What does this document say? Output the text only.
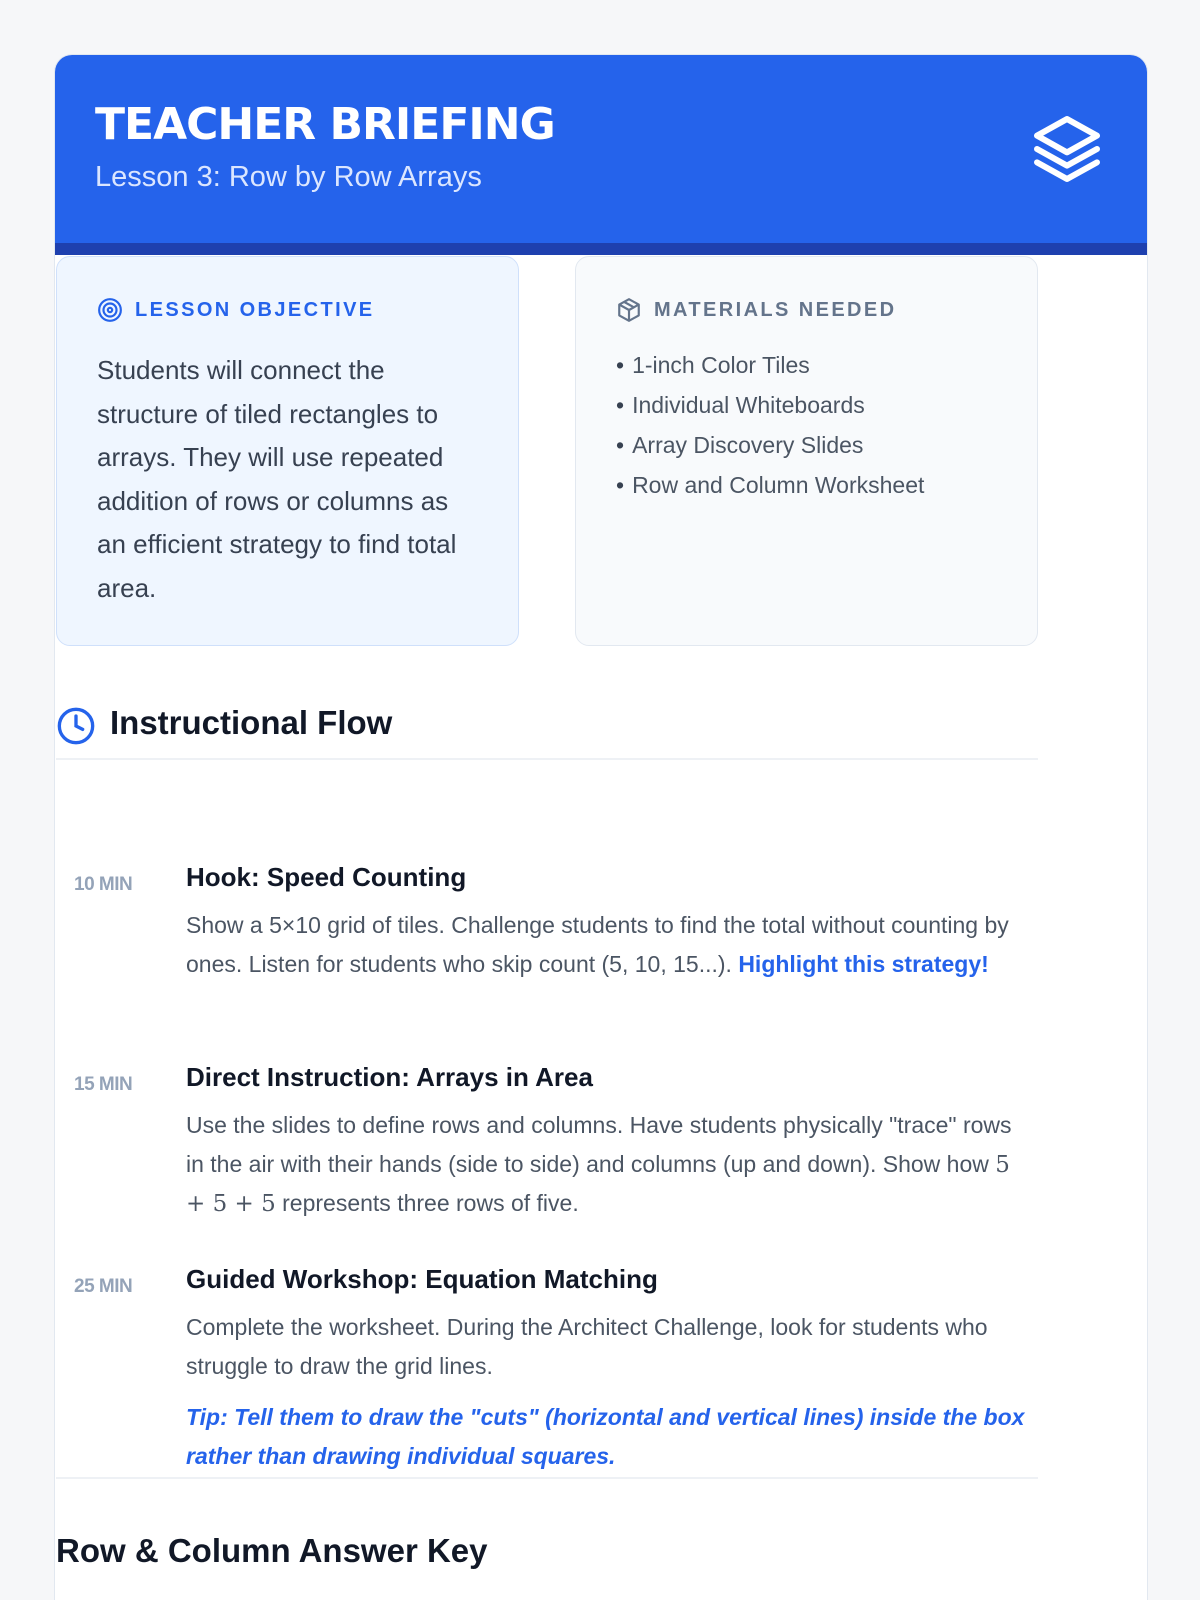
TEACHER BRIEFING
Lesson 3: Row by Row Arrays
LESSON OBJECTIVE
Students will connect the structure of tiled rectangles to arrays. They will use repeated addition of rows or columns as an efficient strategy to find total area.
MATERIALS NEEDED
• 1-inch Color Tiles
• Individual Whiteboards
• Array Discovery Slides
• Row and Column Worksheet
Instructional Flow
10 MIN Hook: Speed Counting
Show a 5×10 grid of tiles. Challenge students to find the total without counting by ones. Listen for students who skip count (5, 10, 15...). Highlight this strategy!
15 MIN Direct Instruction: Arrays in Area
Use the slides to define rows and columns. Have students physically "trace" rows in the air with their hands (side to side) and columns (up and down). Show how 5 + 5 + 5 represents three rows of five.
25 MIN Guided Workshop: Equation Matching
Complete the worksheet. During the Architect Challenge, look for students who struggle to draw the grid lines.
Tip: Tell them to draw the "cuts" (horizontal and vertical lines) inside the box rather than drawing individual squares.
Row & Column Answer Key
